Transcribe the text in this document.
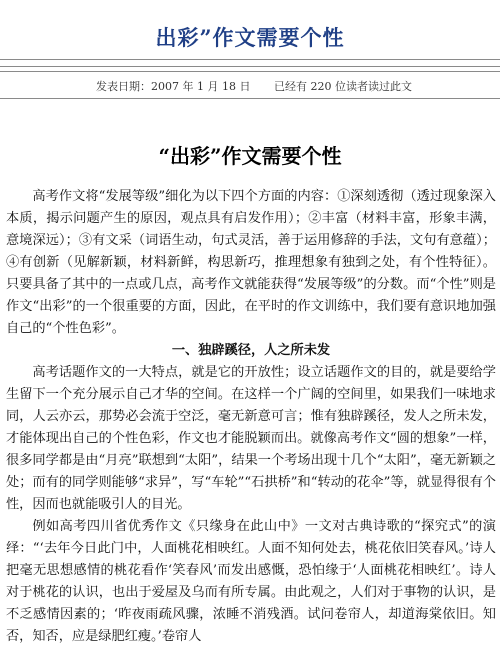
出彩”作文需要个性
发表日期：2007 年 1 月 18 日 已经有 220 位读者读过此文
“出彩”作文需要个性

高考作文将“发展等级”细化为以下四个方面的内容：①深刻透彻（透过现象深入本质，揭示问题产生的原因，观点具有启发作用）；②丰富（材料丰富，形象丰满，意境深远）；③有文采（词语生动，句式灵活，善于运用修辞的手法，文句有意蕴）；④有创新（见解新颖，材料新鲜，构思新巧，推理想象有独到之处，有个性特征）。只要具备了其中的一点或几点，高考作文就能获得“发展等级”的分数。而“个性”则是作文“出彩”的一个很重要的方面，因此，在平时的作文训练中，我们要有意识地加强自己的“个性色彩”。

一、独辟蹊径，人之所未发

高考话题作文的一大特点，就是它的开放性；设立话题作文的目的，就是要给学生留下一个充分展示自己才华的空间。在这样一个广阔的空间里，如果我们一味地求同，人云亦云，那势必会流于空泛，毫无新意可言；惟有独辟蹊径，发人之所未发，才能体现出自己的个性色彩，作文也才能脱颖而出。就像高考作文“圆的想象”一样，很多同学都是由“月亮”联想到“太阳”，结果一个考场出现十几个“太阳”，毫无新颖之处；而有的同学则能够“求异”，写“车轮”“石拱桥”和“转动的花伞”等，就显得很有个性，因而也就能吸引人的目光。

例如高考四川省优秀作文《只缘身在此山中》一文对古典诗歌的“探究式”的演绎：“‘去年今日此门中，人面桃花相映红。人面不知何处去，桃花依旧笑春风。’诗人把毫无思想感情的桃花看作‘笑春风’而发出感慨，恐怕缘于‘人面桃花相映红’。诗人对于桃花的认识，也出于爱屋及乌而有所专属。由此观之，人们对于事物的认识，是不乏感情因素的；‘昨夜雨疏风骤，浓睡不消残酒。试问卷帘人，却道海棠依旧。知否，知否，应是绿肥红瘦。’卷帘人
